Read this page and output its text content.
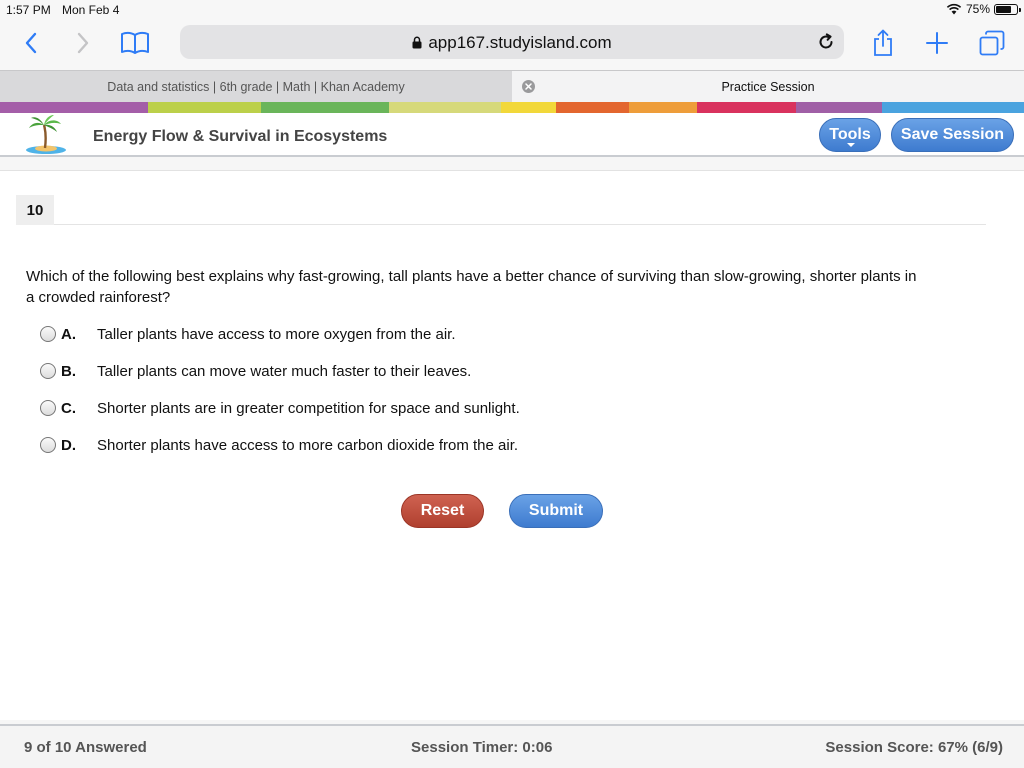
1:57 PM Mon Feb 4	75%
app167.studyisland.com
Data and statistics | 6th grade | Math | Khan Academy	Practice Session
Energy Flow & Survival in Ecosystems	Tools Save Session
10
Which of the following best explains why fast-growing, tall plants have a better chance of surviving than slow-growing, shorter plants in a crowded rainforest?
A.	Taller plants have access to more oxygen from the air.
B.	Taller plants can move water much faster to their leaves.
C.	Shorter plants are in greater competition for space and sunlight.
D.	Shorter plants have access to more carbon dioxide from the air.
Reset	Submit
9 of 10 Answered	Session Timer: 0:06	Session Score: 67% (6/9)
